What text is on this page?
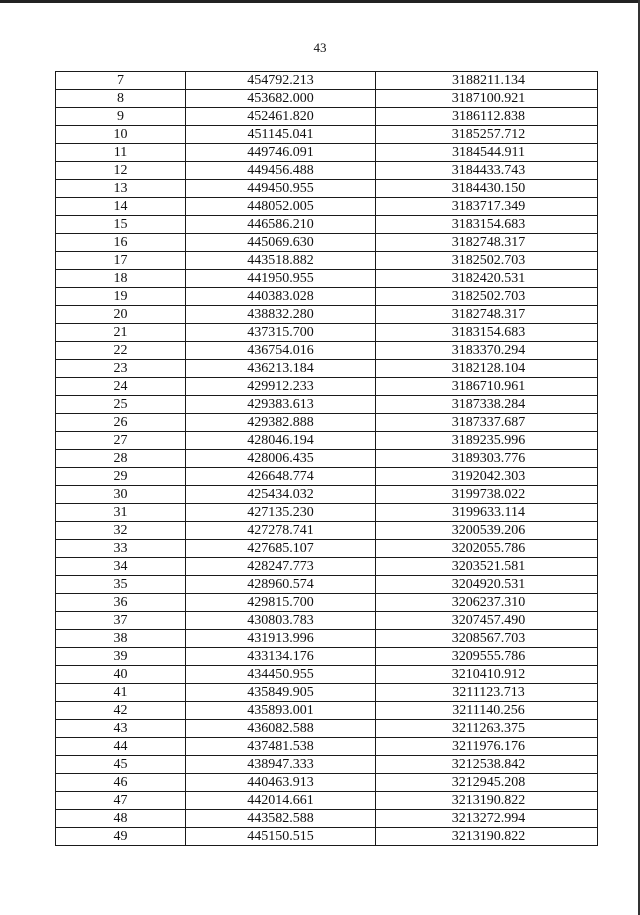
43
7	454792.213	3188211.134
8	453682.000	3187100.921
9	452461.820	3186112.838
10	451145.041	3185257.712
11	449746.091	3184544.911
12	449456.488	3184433.743
13	449450.955	3184430.150
14	448052.005	3183717.349
15	446586.210	3183154.683
16	445069.630	3182748.317
17	443518.882	3182502.703
18	441950.955	3182420.531
19	440383.028	3182502.703
20	438832.280	3182748.317
21	437315.700	3183154.683
22	436754.016	3183370.294
23	436213.184	3182128.104
24	429912.233	3186710.961
25	429383.613	3187338.284
26	429382.888	3187337.687
27	428046.194	3189235.996
28	428006.435	3189303.776
29	426648.774	3192042.303
30	425434.032	3199738.022
31	427135.230	3199633.114
32	427278.741	3200539.206
33	427685.107	3202055.786
34	428247.773	3203521.581
35	428960.574	3204920.531
36	429815.700	3206237.310
37	430803.783	3207457.490
38	431913.996	3208567.703
39	433134.176	3209555.786
40	434450.955	3210410.912
41	435849.905	3211123.713
42	435893.001	3211140.256
43	436082.588	3211263.375
44	437481.538	3211976.176
45	438947.333	3212538.842
46	440463.913	3212945.208
47	442014.661	3213190.822
48	443582.588	3213272.994
49	445150.515	3213190.822
